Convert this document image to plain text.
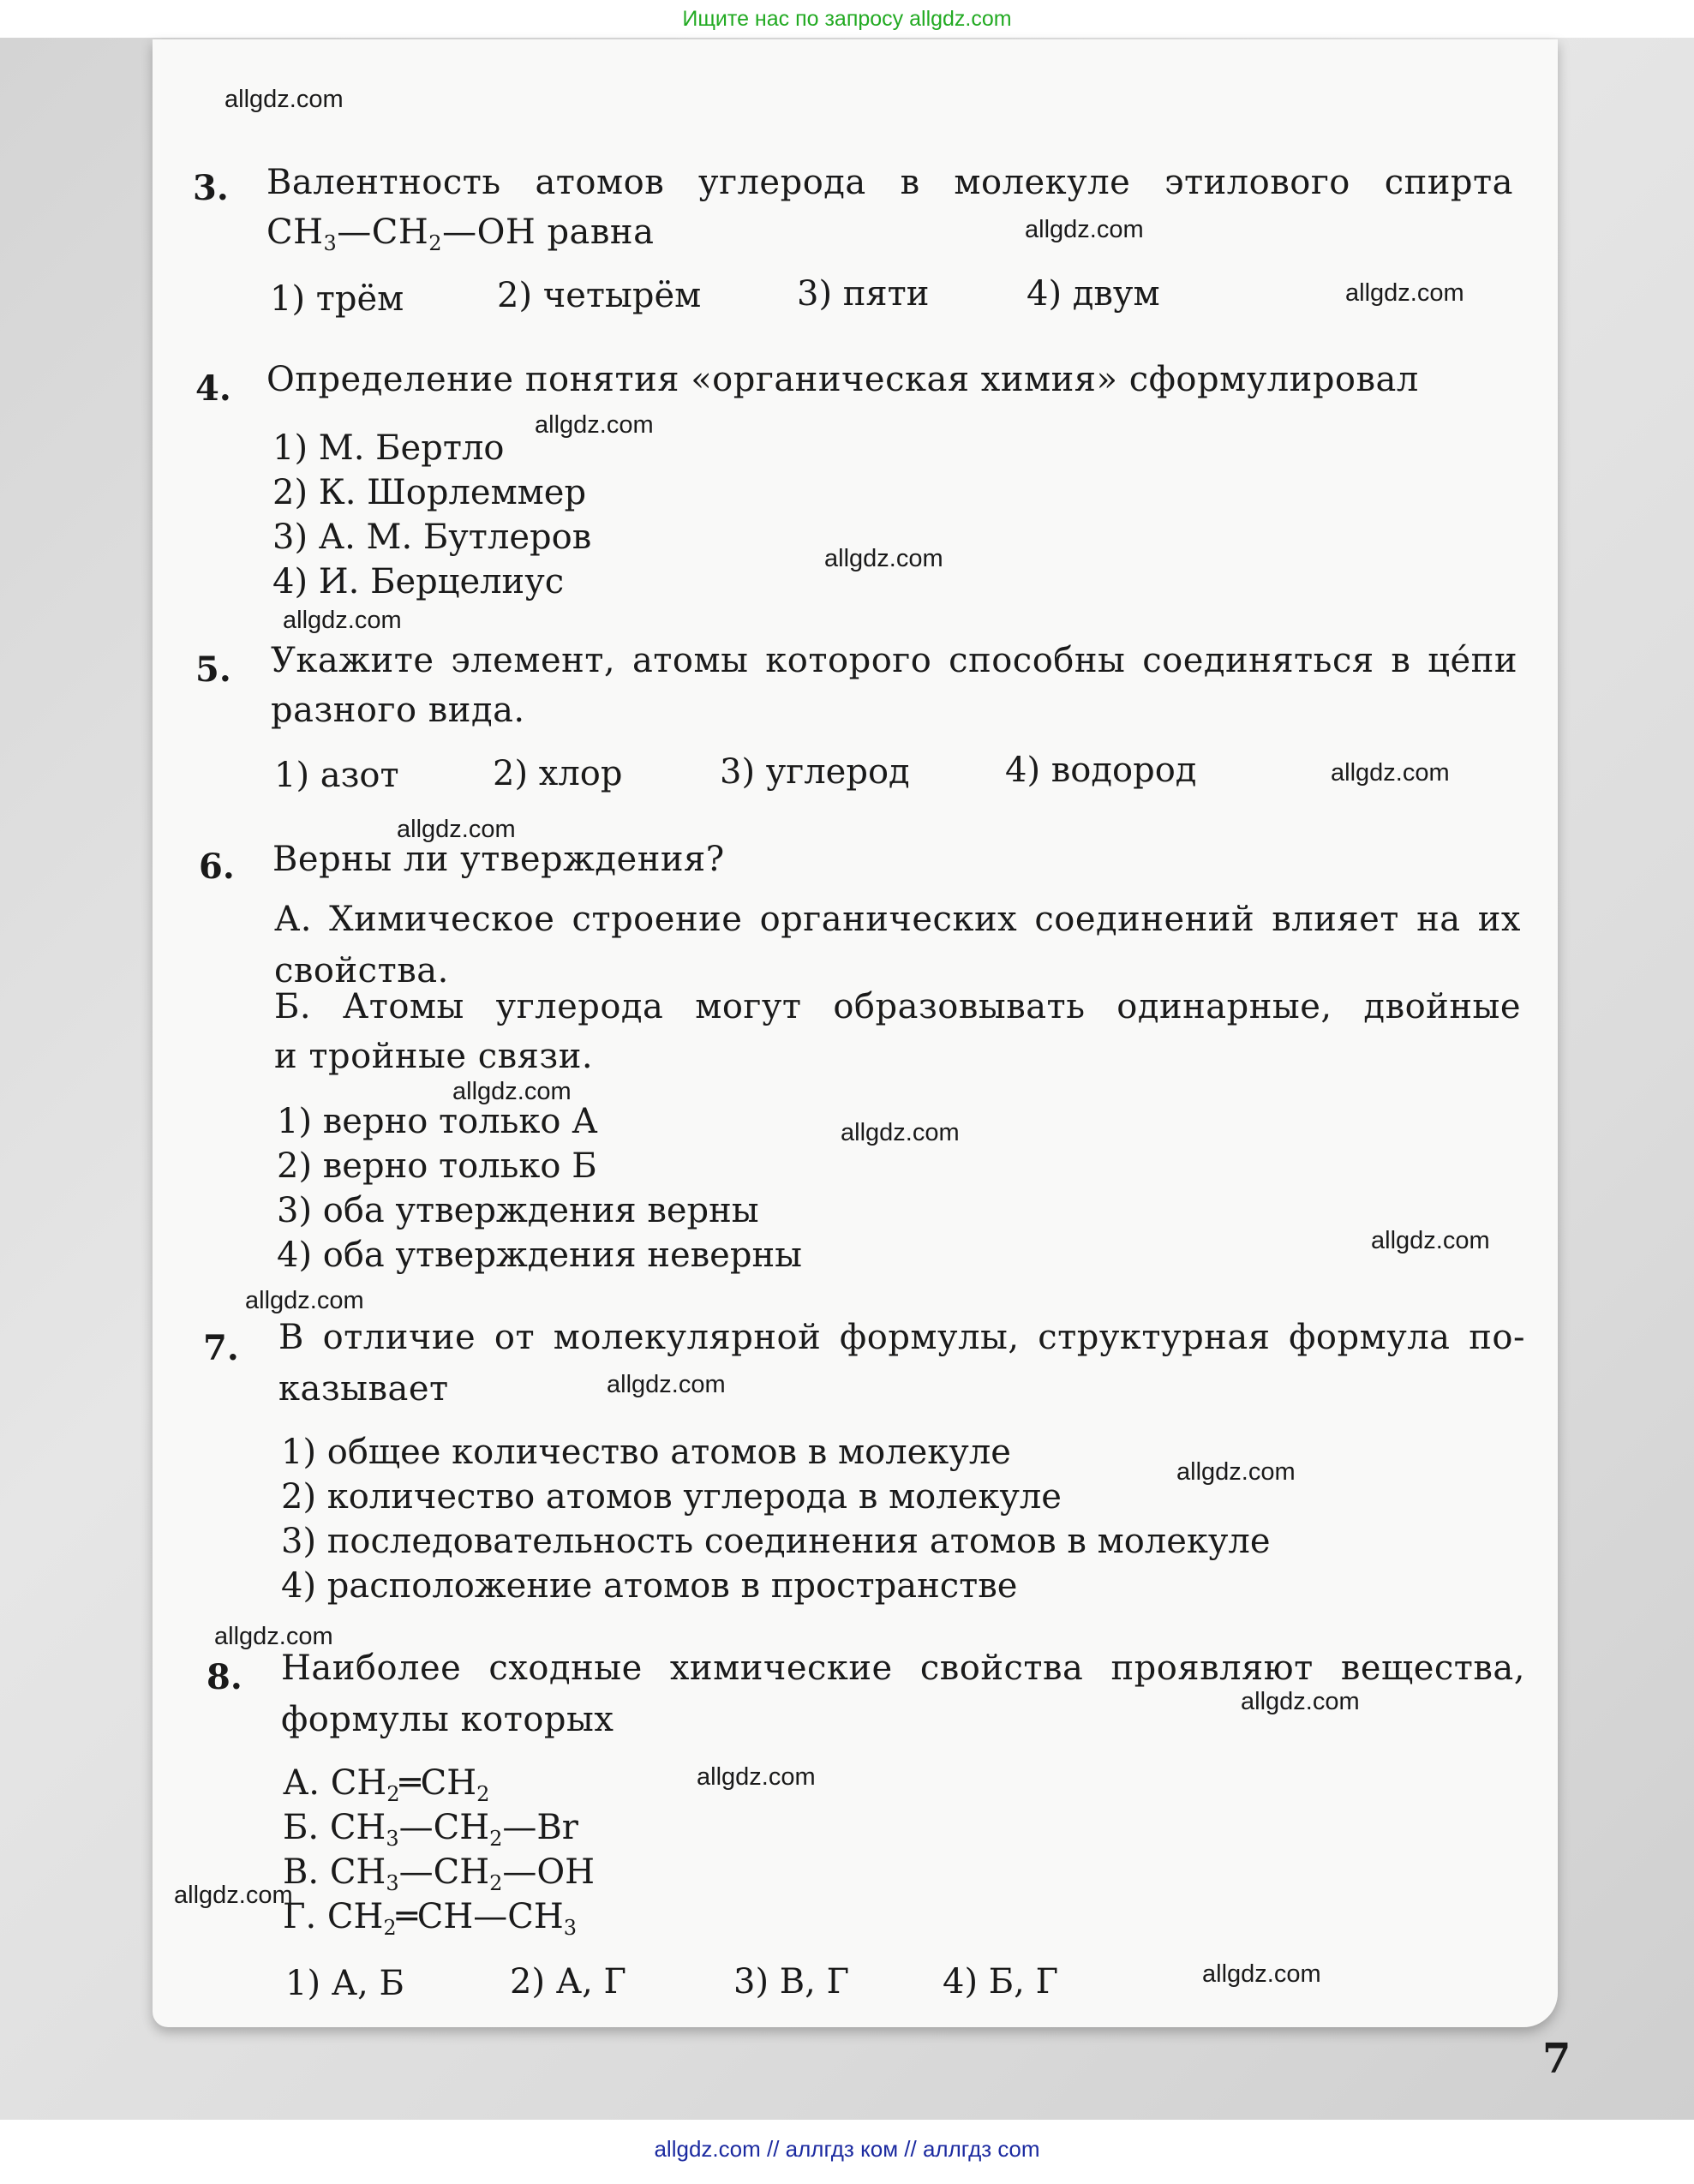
Ищите нас по запросу allgdz.com
3. Валентность атомов углерода в молекуле этилового спирта
$CH_3—CH_2—OH$ равна
1) трём	2) четырём	3) пяти	4) двум
4. Определение понятия «органическая химия» сформулировал
1) М. Бертло
2) К. Шорлеммер
3) А. М. Бутлеров
4) И. Берцелиус
5. Укажите элемент, атомы которого способны соединяться в цéпи
разного вида.
1) азот	2) хлор	3) углерод	4) водород
6. Верны ли утверждения?
А. Химическое строение органических соединений влияет на их
свойства.
Б. Атомы углерода могут образовывать одинарные, двойные
и тройные связи.
1) верно только А
2) верно только Б
3) оба утверждения верны
4) оба утверждения неверны
7. В отличие от молекулярной формулы, структурная формула по-
казывает
1) общее количество атомов в молекуле
2) количество атомов углерода в молекуле
3) последовательность соединения атомов в молекуле
4) расположение атомов в пространстве
8. Наиболее сходные химические свойства проявляют вещества,
формулы которых
А. $CH_2═CH_2$
Б. $CH_3—CH_2—Br$
В. $CH_3—CH_2—OH$
Г. $CH_2═CH—CH_3$
1) А, Б	2) А, Г	3) В, Г	4) Б, Г
allgdz.com
allgdz.com
allgdz.com
allgdz.com
allgdz.com
allgdz.com
allgdz.com
allgdz.com
allgdz.com
allgdz.com
allgdz.com
allgdz.com
allgdz.com
allgdz.com
allgdz.com
allgdz.com
allgdz.com
allgdz.com
allgdz.com
7
allgdz.com // аллгдз ком // аллгдз com
